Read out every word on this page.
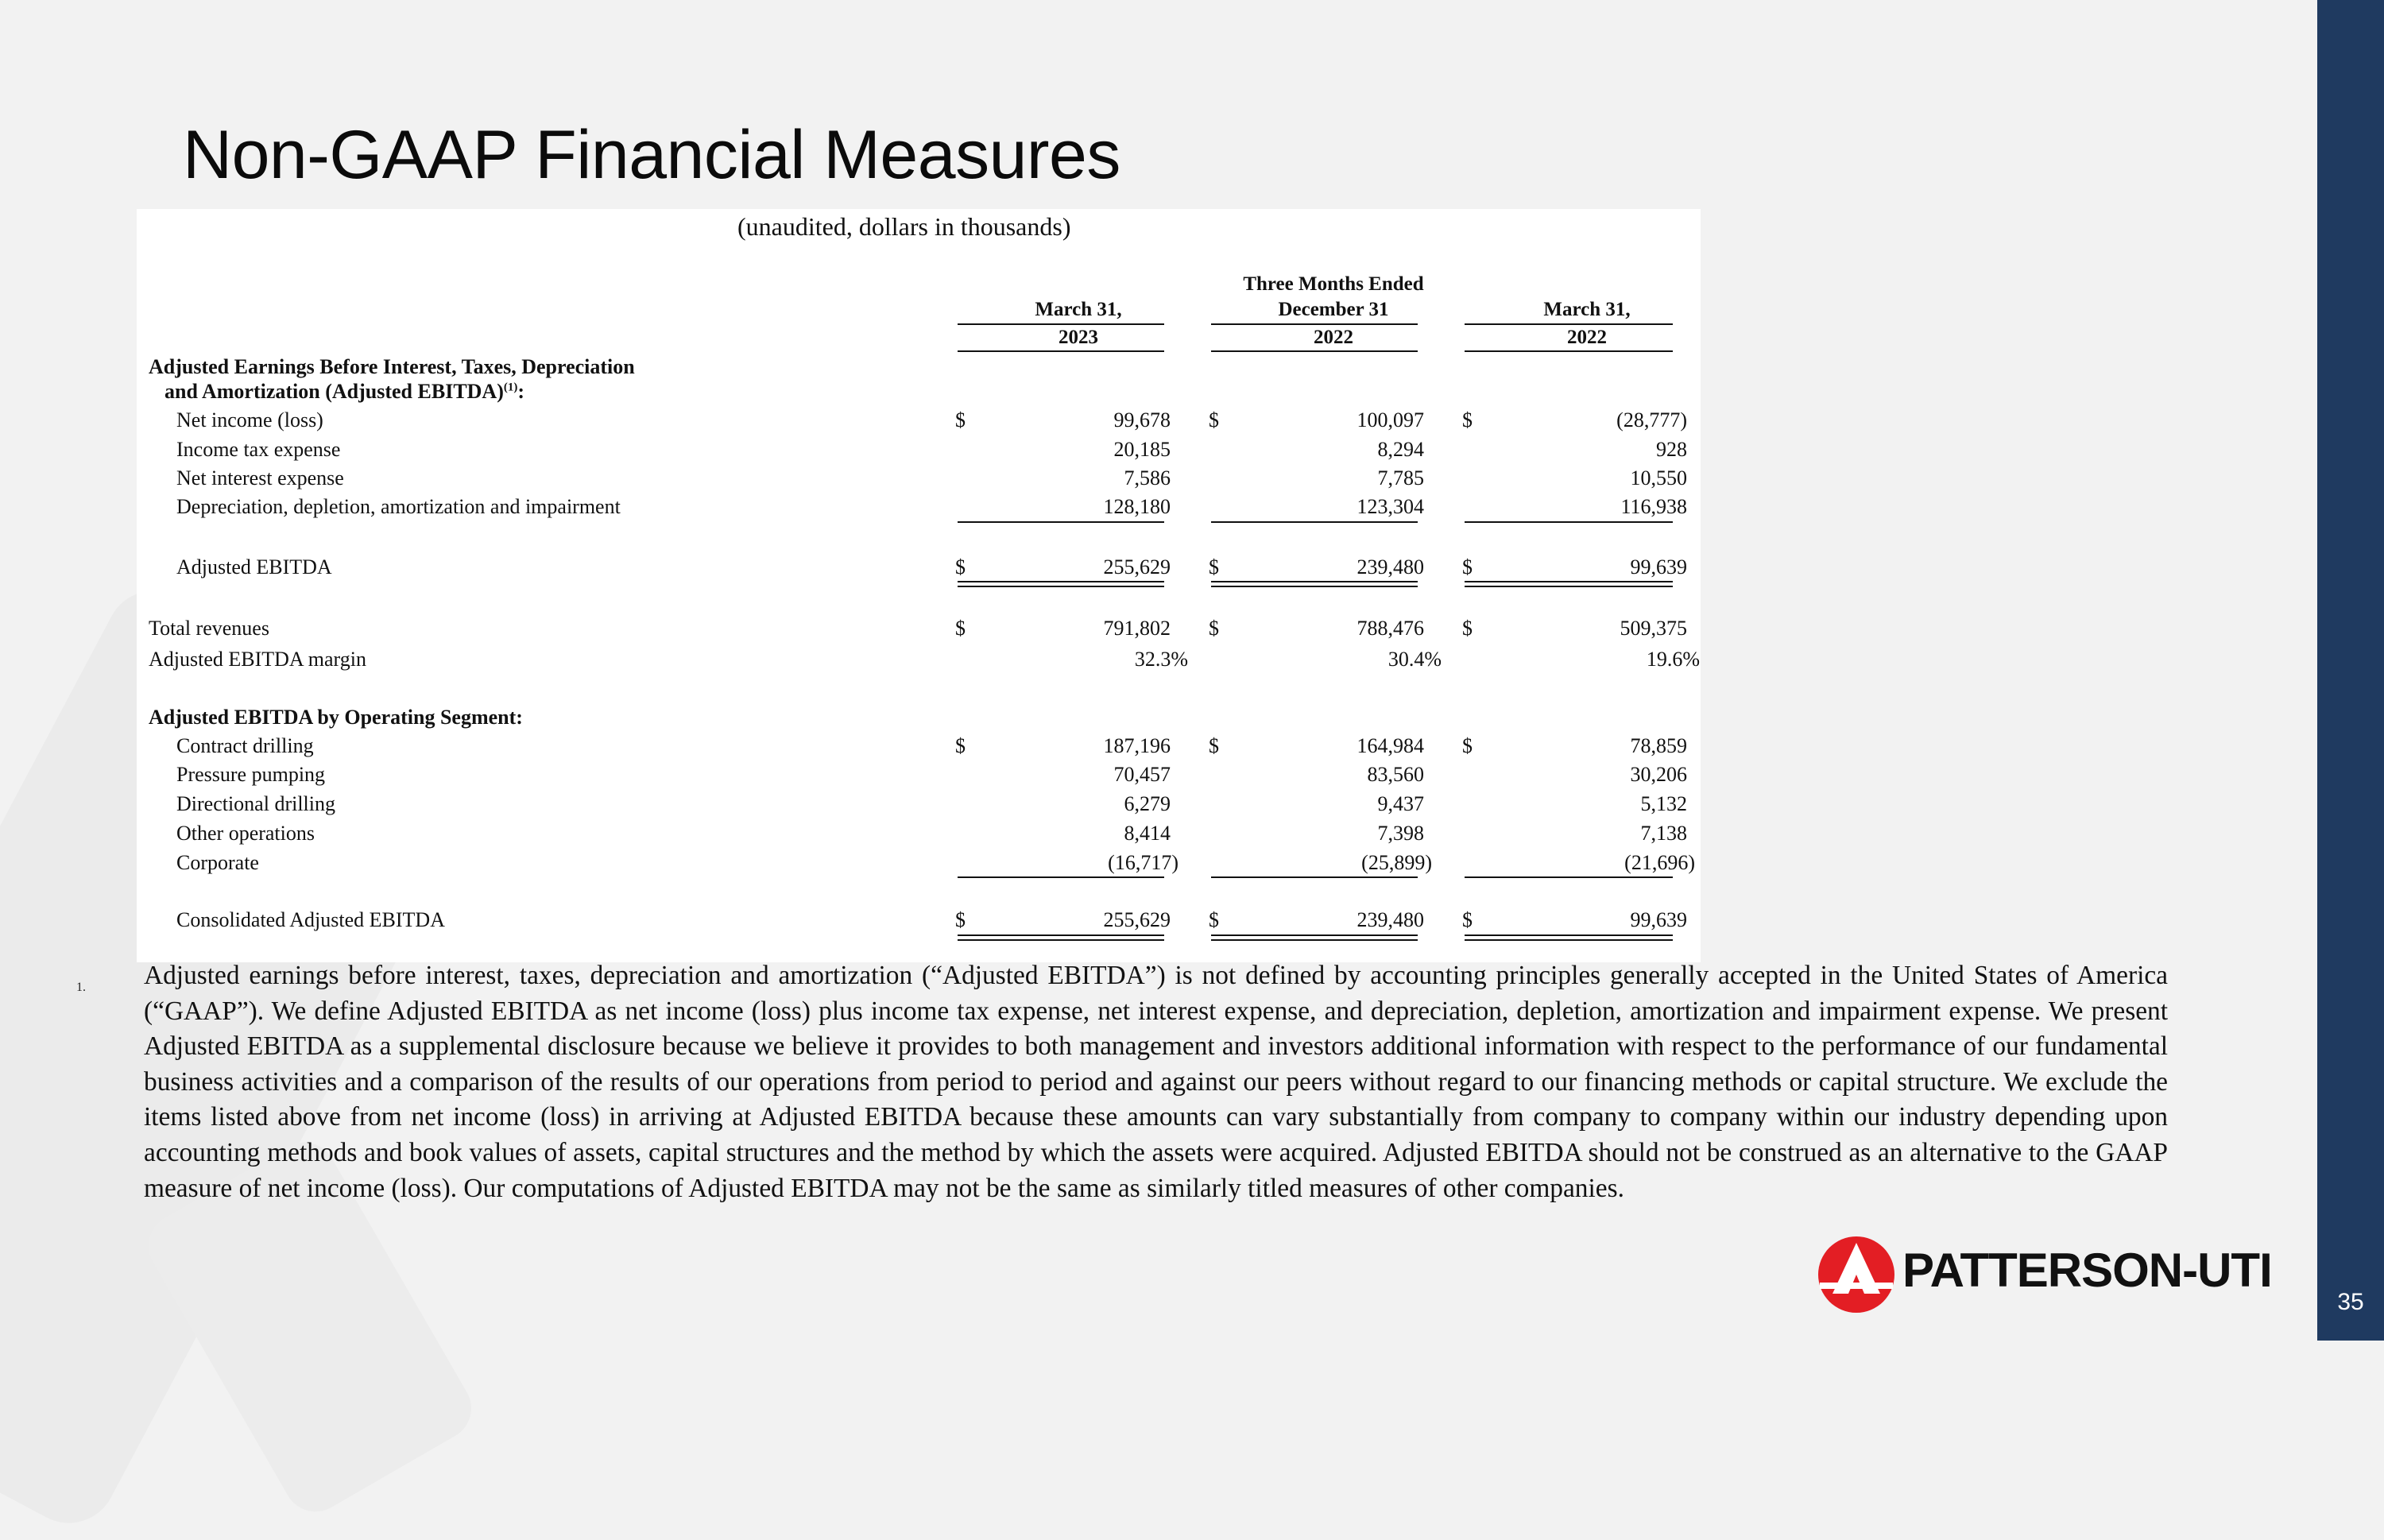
35
Non-GAAP Financial Measures
(unaudited, dollars in thousands)
Three Months Ended
March 31,	December 31	March 31,
2023	2022	2022
Adjusted Earnings Before Interest, Taxes, Depreciation
and Amortization (Adjusted EBITDA)$^{(1)}$:
Net income (loss)	$	99,678 $	100,097 $	(28,777)
Income tax expense	20,185	8,294	928
Net interest expense	7,586	7,785	10,550
Depreciation, depletion, amortization and impairment	128,180	123,304	116,938
Adjusted EBITDA	$	255,629 $	239,480 $	99,639
Total revenues	$	791,802 $	788,476 $	509,375
Adjusted EBITDA margin	32.3%	30.4%	19.6%
Adjusted EBITDA by Operating Segment:
Contract drilling	$	187,196 $	164,984 $	78,859
Pressure pumping	70,457	83,560	30,206
Directional drilling	6,279	9,437	5,132
Other operations	8,414	7,398	7,138
Corporate	(16,717)	(25,899)	(21,696)
Consolidated Adjusted EBITDA	$	255,629 $	239,480 $	99,639
1. Adjusted earnings before interest, taxes, depreciation and amortization (“Adjusted EBITDA”) is not defined by accounting principles generally accepted in the United States of America (“GAAP”). We define Adjusted EBITDA as net income (loss) plus income tax expense, net interest expense, and depreciation, depletion, amortization and impairment expense. We present Adjusted EBITDA as a supplemental disclosure because we believe it provides to both management and investors additional information with respect to the performance of our fundamental business activities and a comparison of the results of our operations from period to period and against our peers without regard to our financing methods or capital structure. We exclude the items listed above from net income (loss) in arriving at Adjusted EBITDA because these amounts can vary substantially from company to company within our industry depending upon accounting methods and book values of assets, capital structures and the method by which the assets were acquired. Adjusted EBITDA should not be construed as an alternative to the GAAP measure of net income (loss). Our computations of Adjusted EBITDA may not be the same as similarly titled measures of other companies.

PATTERSON-UTI
